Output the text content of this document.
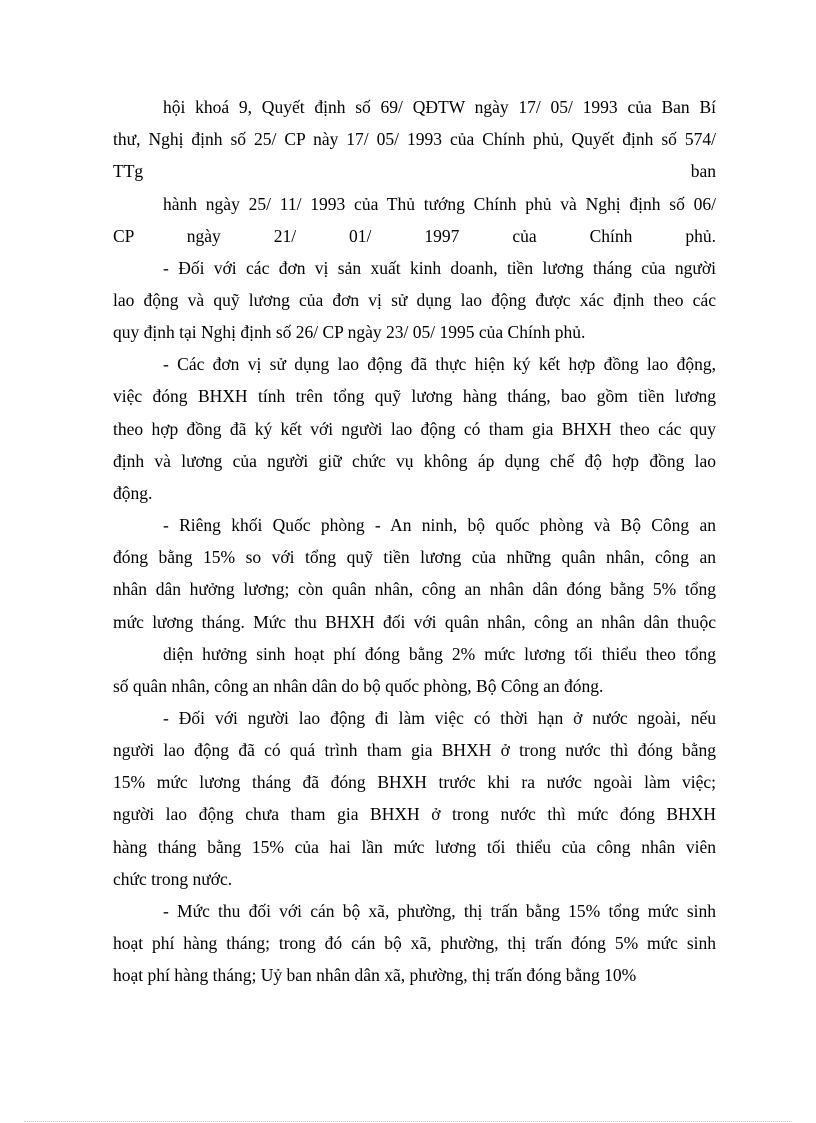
hội khoá 9, Quyết định số 69/ QĐTW ngày 17/ 05/ 1993 của Ban Bí
thư, Nghị định số 25/ CP này 17/ 05/ 1993 của Chính phủ, Quyết định số 574/
TTg ban
hành ngày 25/ 11/ 1993 của Thủ tướng Chính phủ và Nghị định số 06/
CP ngày 21/ 01/ 1997 của Chính phủ.
- Đối với các đơn vị sản xuất kinh doanh, tiền lương tháng của người
lao động và quỹ lương của đơn vị sử dụng lao động được xác định theo các
quy định tại Nghị định số 26/ CP ngày 23/ 05/ 1995 của Chính phủ.
- Các đơn vị sử dụng lao động đã thực hiện ký kết hợp đồng lao động,
việc đóng BHXH tính trên tổng quỹ lương hàng tháng, bao gồm tiền lương
theo hợp đồng đã ký kết với người lao động có tham gia BHXH theo các quy
định và lương của người giữ chức vụ không áp dụng chế độ hợp đồng lao
động.
- Riêng khối Quốc phòng - An ninh, bộ quốc phòng và Bộ Công an
đóng bằng 15% so với tổng quỹ tiền lương của những quân nhân, công an
nhân dân hưởng lương; còn quân nhân, công an nhân dân đóng bằng 5% tổng
mức lương tháng. Mức thu BHXH đối với quân nhân, công an nhân dân thuộc
diện hưởng sinh hoạt phí đóng bằng 2% mức lương tối thiểu theo tổng
số quân nhân, công an nhân dân do bộ quốc phòng, Bộ Công an đóng.
- Đối với người lao động đi làm việc có thời hạn ở nước ngoài, nếu
người lao động đã có quá trình tham gia BHXH ở trong nước thì đóng bằng
15% mức lương tháng đã đóng BHXH trước khi ra nước ngoài làm việc;
người lao động chưa tham gia BHXH ở trong nước thì mức đóng BHXH
hàng tháng bằng 15% của hai lần mức lương tối thiểu của công nhân viên
chức trong nước.
- Mức thu đối với cán bộ xã, phường, thị trấn bằng 15% tổng mức sinh
hoạt phí hàng tháng; trong đó cán bộ xã, phường, thị trấn đóng 5% mức sinh
hoạt phí hàng tháng; Uỷ ban nhân dân xã, phường, thị trấn đóng bằng 10%
